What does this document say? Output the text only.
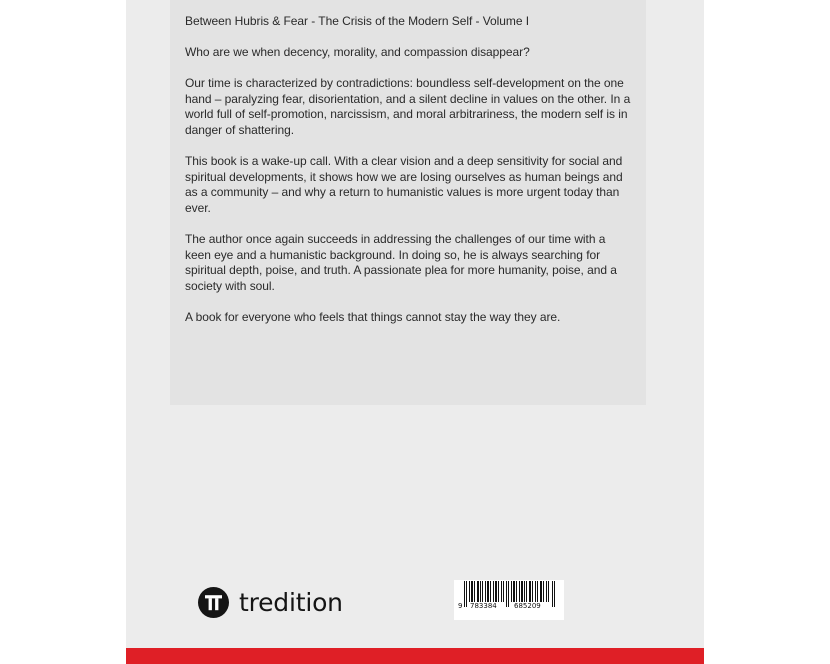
Between Hubris & Fear - The Crisis of the Modern Self - Volume I

Who are we when decency, morality, and compassion disappear?

Our time is characterized by contradictions: boundless self-development on the one hand – paralyzing fear, disorientation, and a silent decline in values on the other. In a world full of self-promotion, narcissism, and moral arbitrariness, the modern self is in danger of shattering.

This book is a wake-up call. With a clear vision and a deep sensitivity for social and spiritual developments, it shows how we are losing ourselves as human beings and as a community – and why a return to humanistic values is more urgent today than ever.

The author once again succeeds in addressing the challenges of our time with a keen eye and a humanistic background. In doing so, he is always searching for spiritual depth, poise, and truth. A passionate plea for more humanity, poise, and a society with soul.

A book for everyone who feels that things cannot stay the way they are.

tredition	9 783384 685209
